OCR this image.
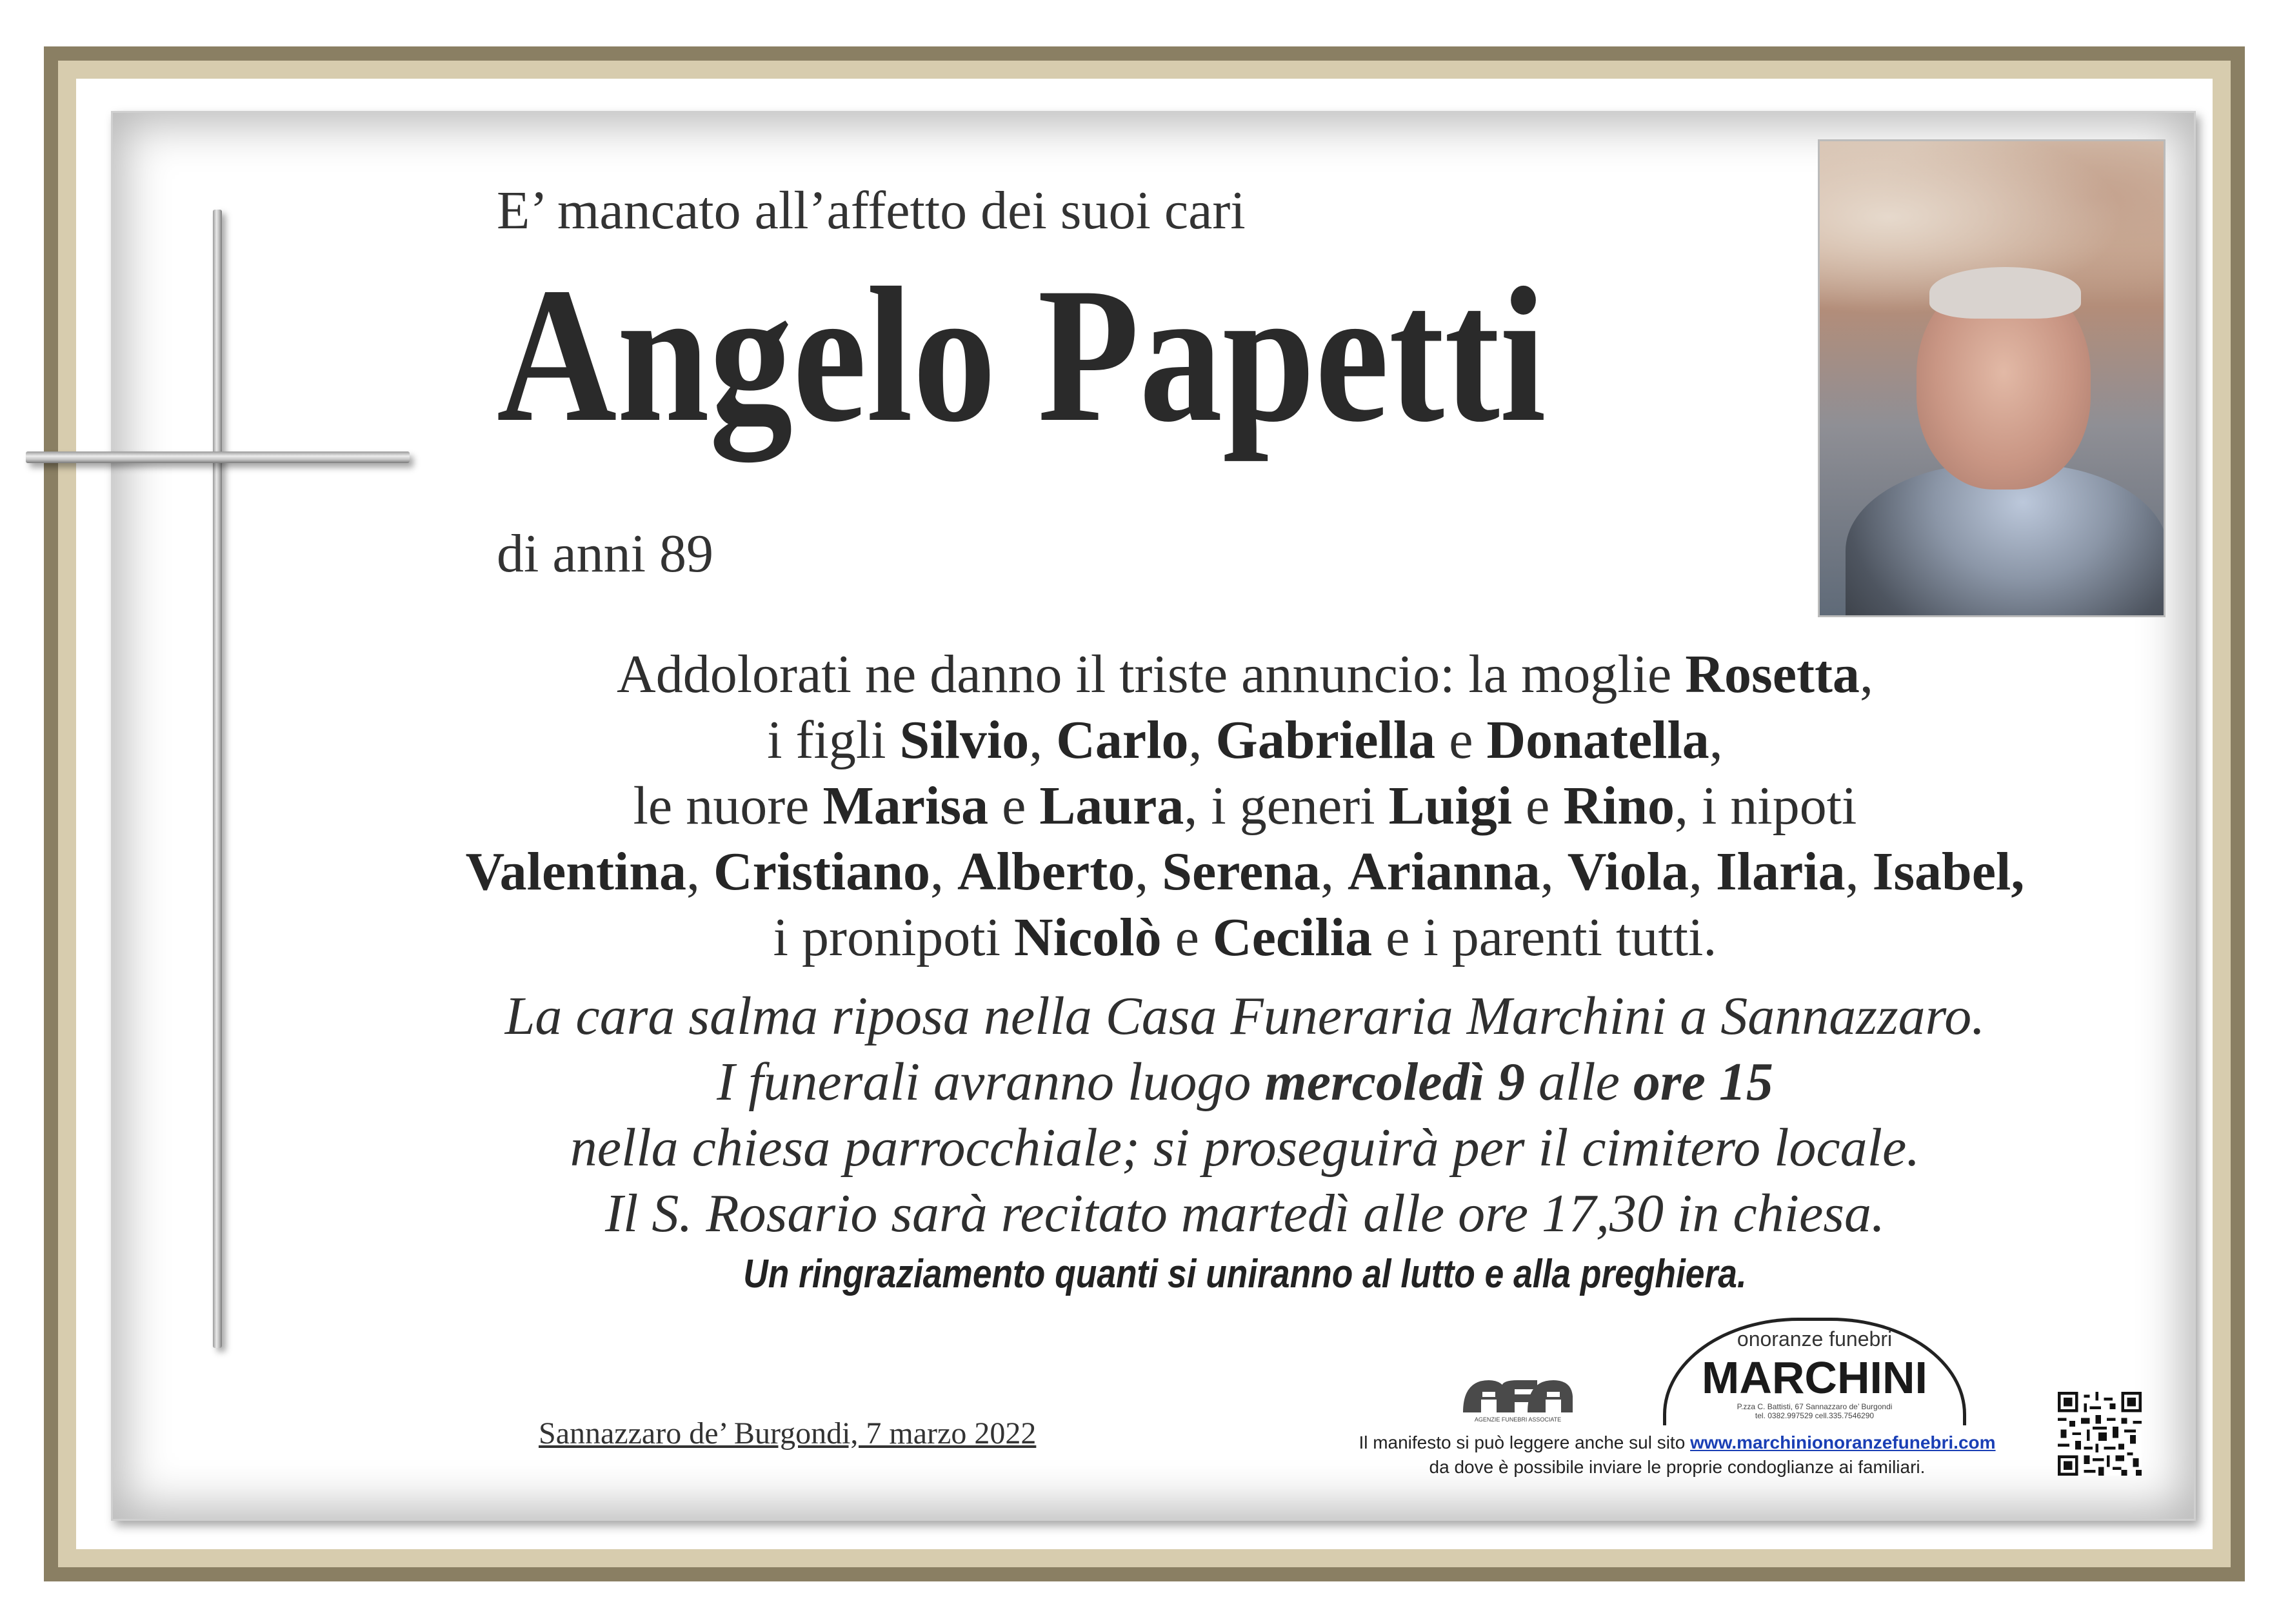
E’ mancato all’affetto dei suoi cari
Angelo Papetti
di anni 89
Addolorati ne danno il triste annuncio: la moglie Rosetta,
i figli Silvio, Carlo, Gabriella e Donatella,
le nuore Marisa e Laura, i generi Luigi e Rino, i nipoti
Valentina, Cristiano, Alberto, Serena, Arianna, Viola, Ilaria, Isabel,
i pronipoti Nicolò e Cecilia e i parenti tutti.
La cara salma riposa nella Casa Funeraria Marchini a Sannazzaro.
I funerali avranno luogo mercoledì 9 alle ore 15
nella chiesa parrocchiale; si proseguirà per il cimitero locale.
Il S. Rosario sarà recitato martedì alle ore 17,30 in chiesa.
Un ringraziamento quanti si uniranno al lutto e alla preghiera.
Sannazzaro de’ Burgondi, 7 marzo 2022	AGENZIE FUNEBRI ASSOCIATE
onoranze funebri
MARCHINI
P.zza C. Battisti, 67 Sannazzaro de’ Burgondi
tel. 0382.997529 cell.335.7546290
Il manifesto si può leggere anche sul sito www.marchinionoranzefunebri.com
da dove è possibile inviare le proprie condoglianze ai familiari.
